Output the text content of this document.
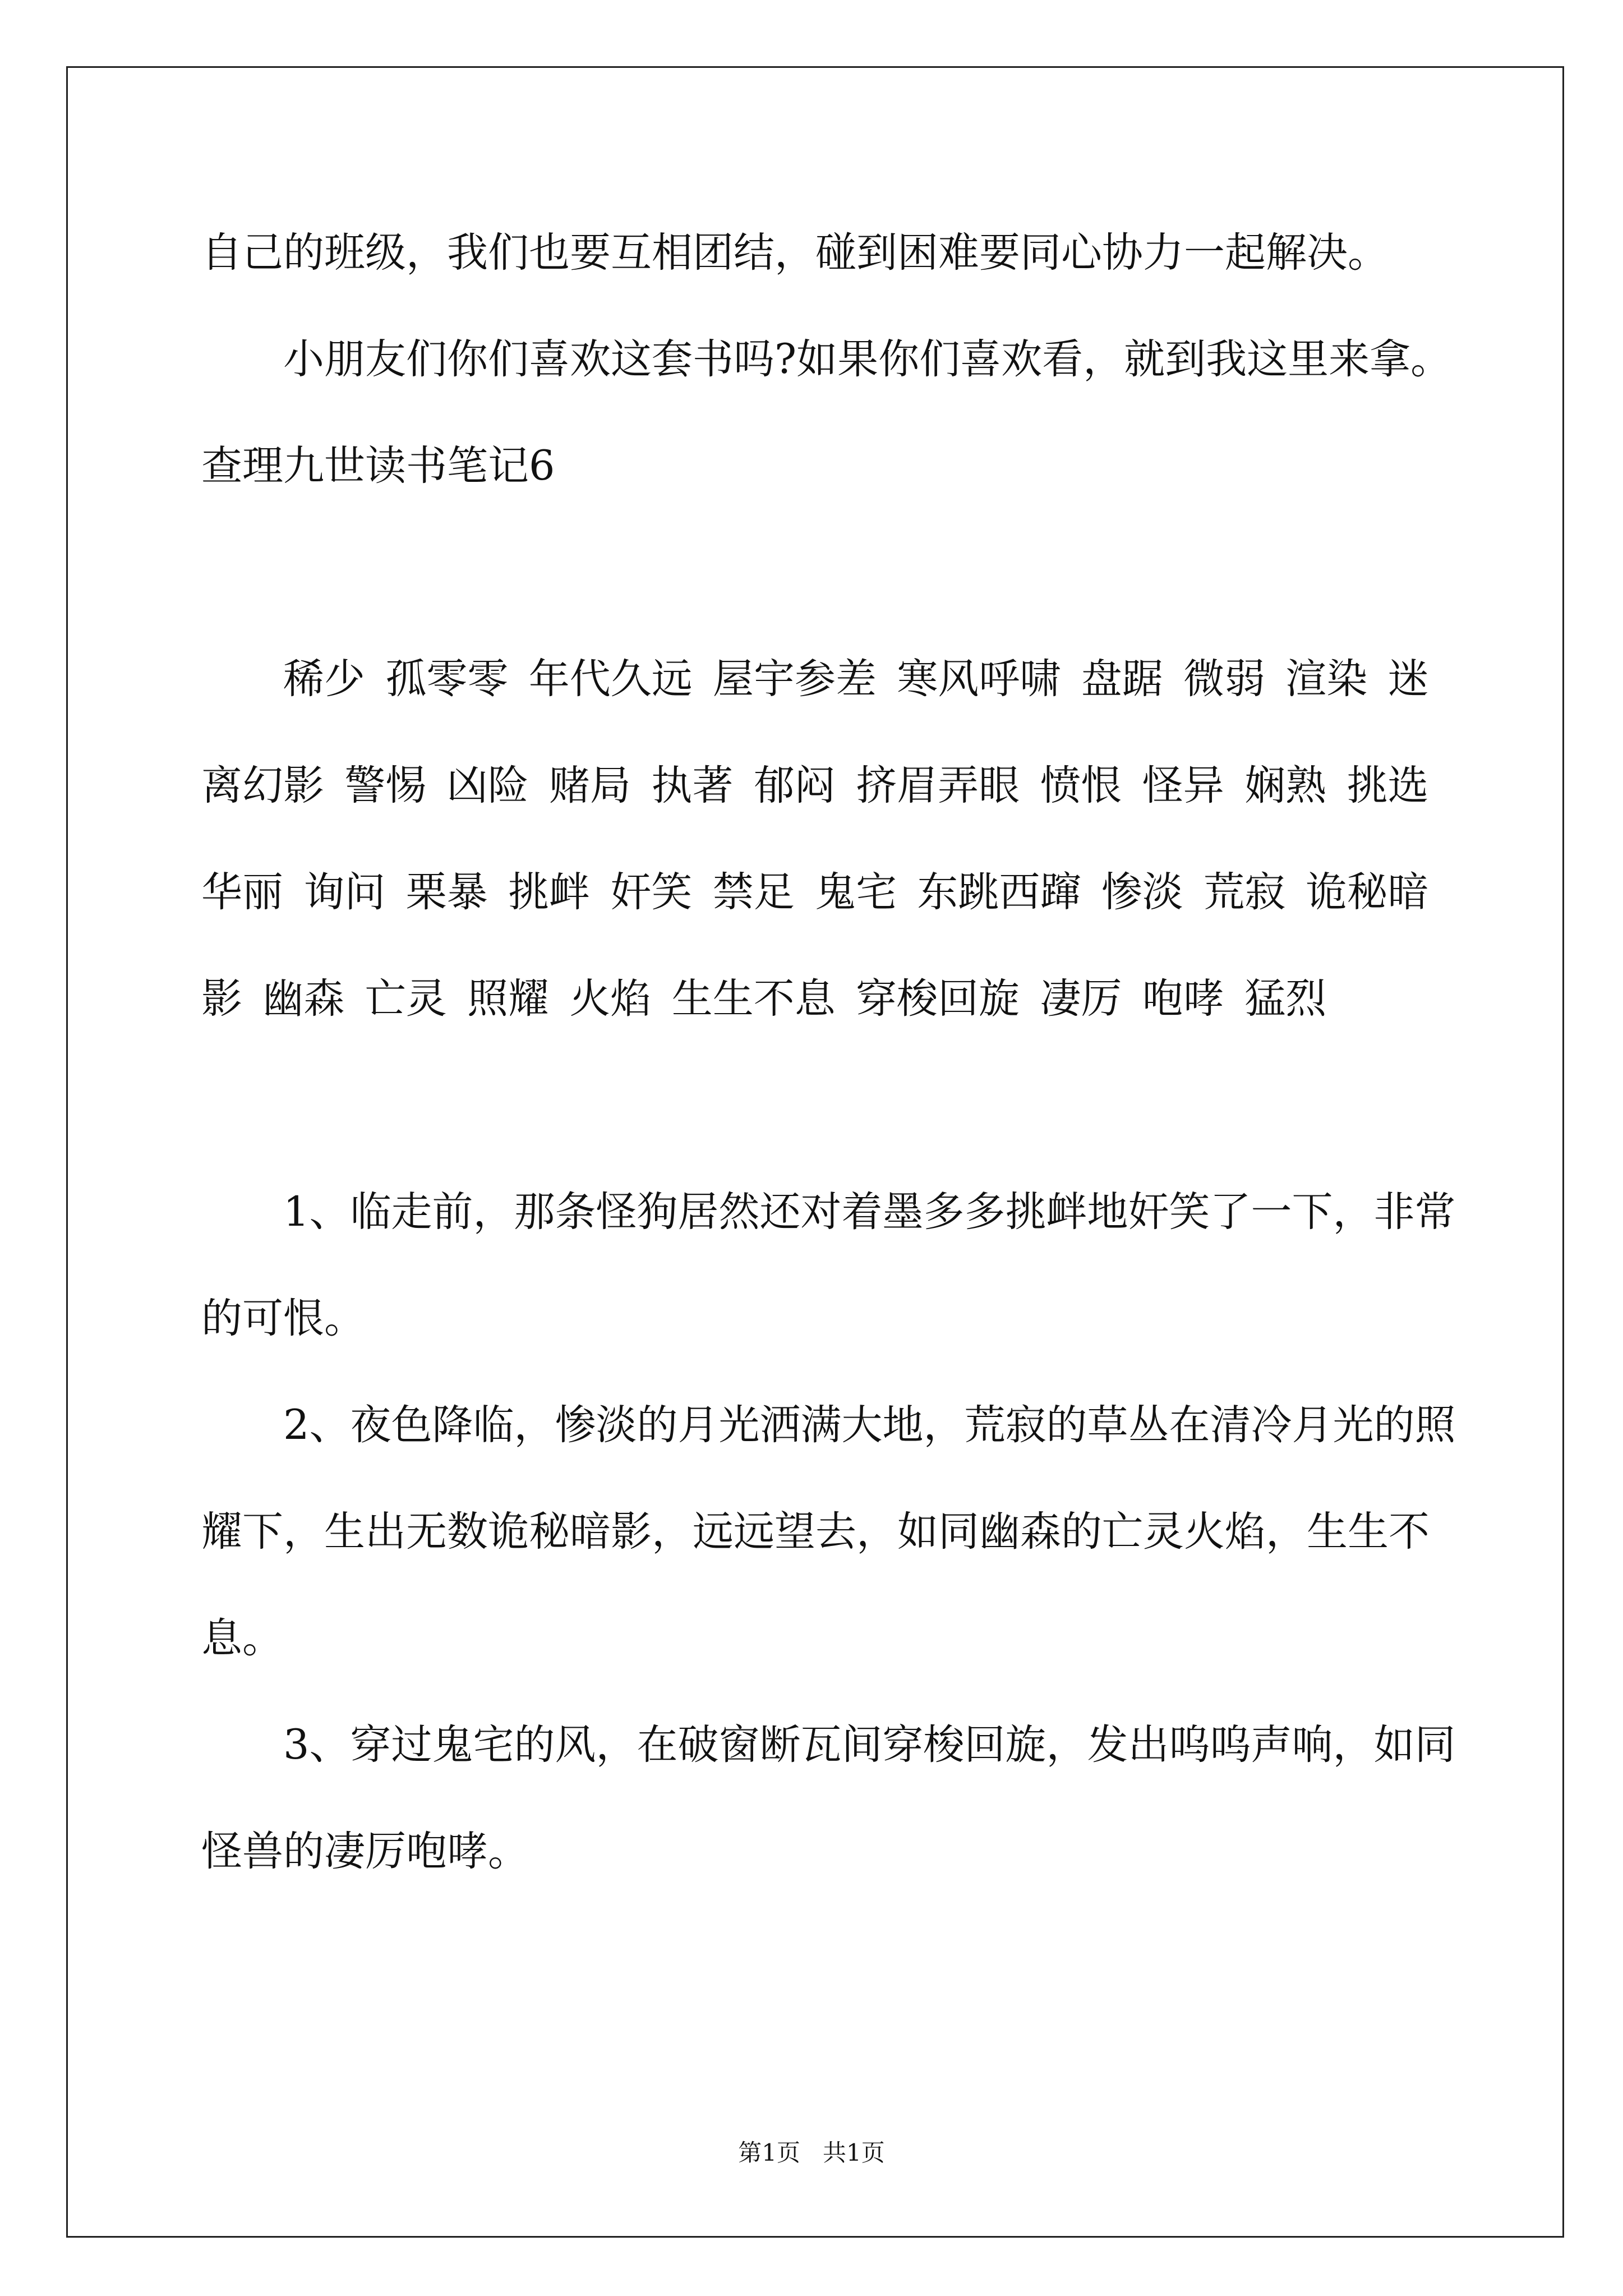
自己的班级，我们也要互相团结，碰到困难要同心协力一起解决。
小朋友们你们喜欢这套书吗?如果你们喜欢看，就到我这里来拿。
查理九世读书笔记6
稀少 孤零零 年代久远 屋宇参差 寒风呼啸 盘踞 微弱 渲染 迷
离幻影 警惕 凶险 赌局 执著 郁闷 挤眉弄眼 愤恨 怪异 娴熟 挑选
华丽 询问 栗暴 挑衅 奸笑 禁足 鬼宅 东跳西蹿 惨淡 荒寂 诡秘暗
影 幽森 亡灵 照耀 火焰 生生不息 穿梭回旋 凄厉 咆哮 猛烈
1、临走前，那条怪狗居然还对着墨多多挑衅地奸笑了一下，非常
的可恨。
2、夜色降临，惨淡的月光洒满大地，荒寂的草丛在清冷月光的照
耀下，生出无数诡秘暗影，远远望去，如同幽森的亡灵火焰，生生不
息。
3、穿过鬼宅的风，在破窗断瓦间穿梭回旋，发出呜呜声响，如同
怪兽的凄厉咆哮。
第1页 共1页
